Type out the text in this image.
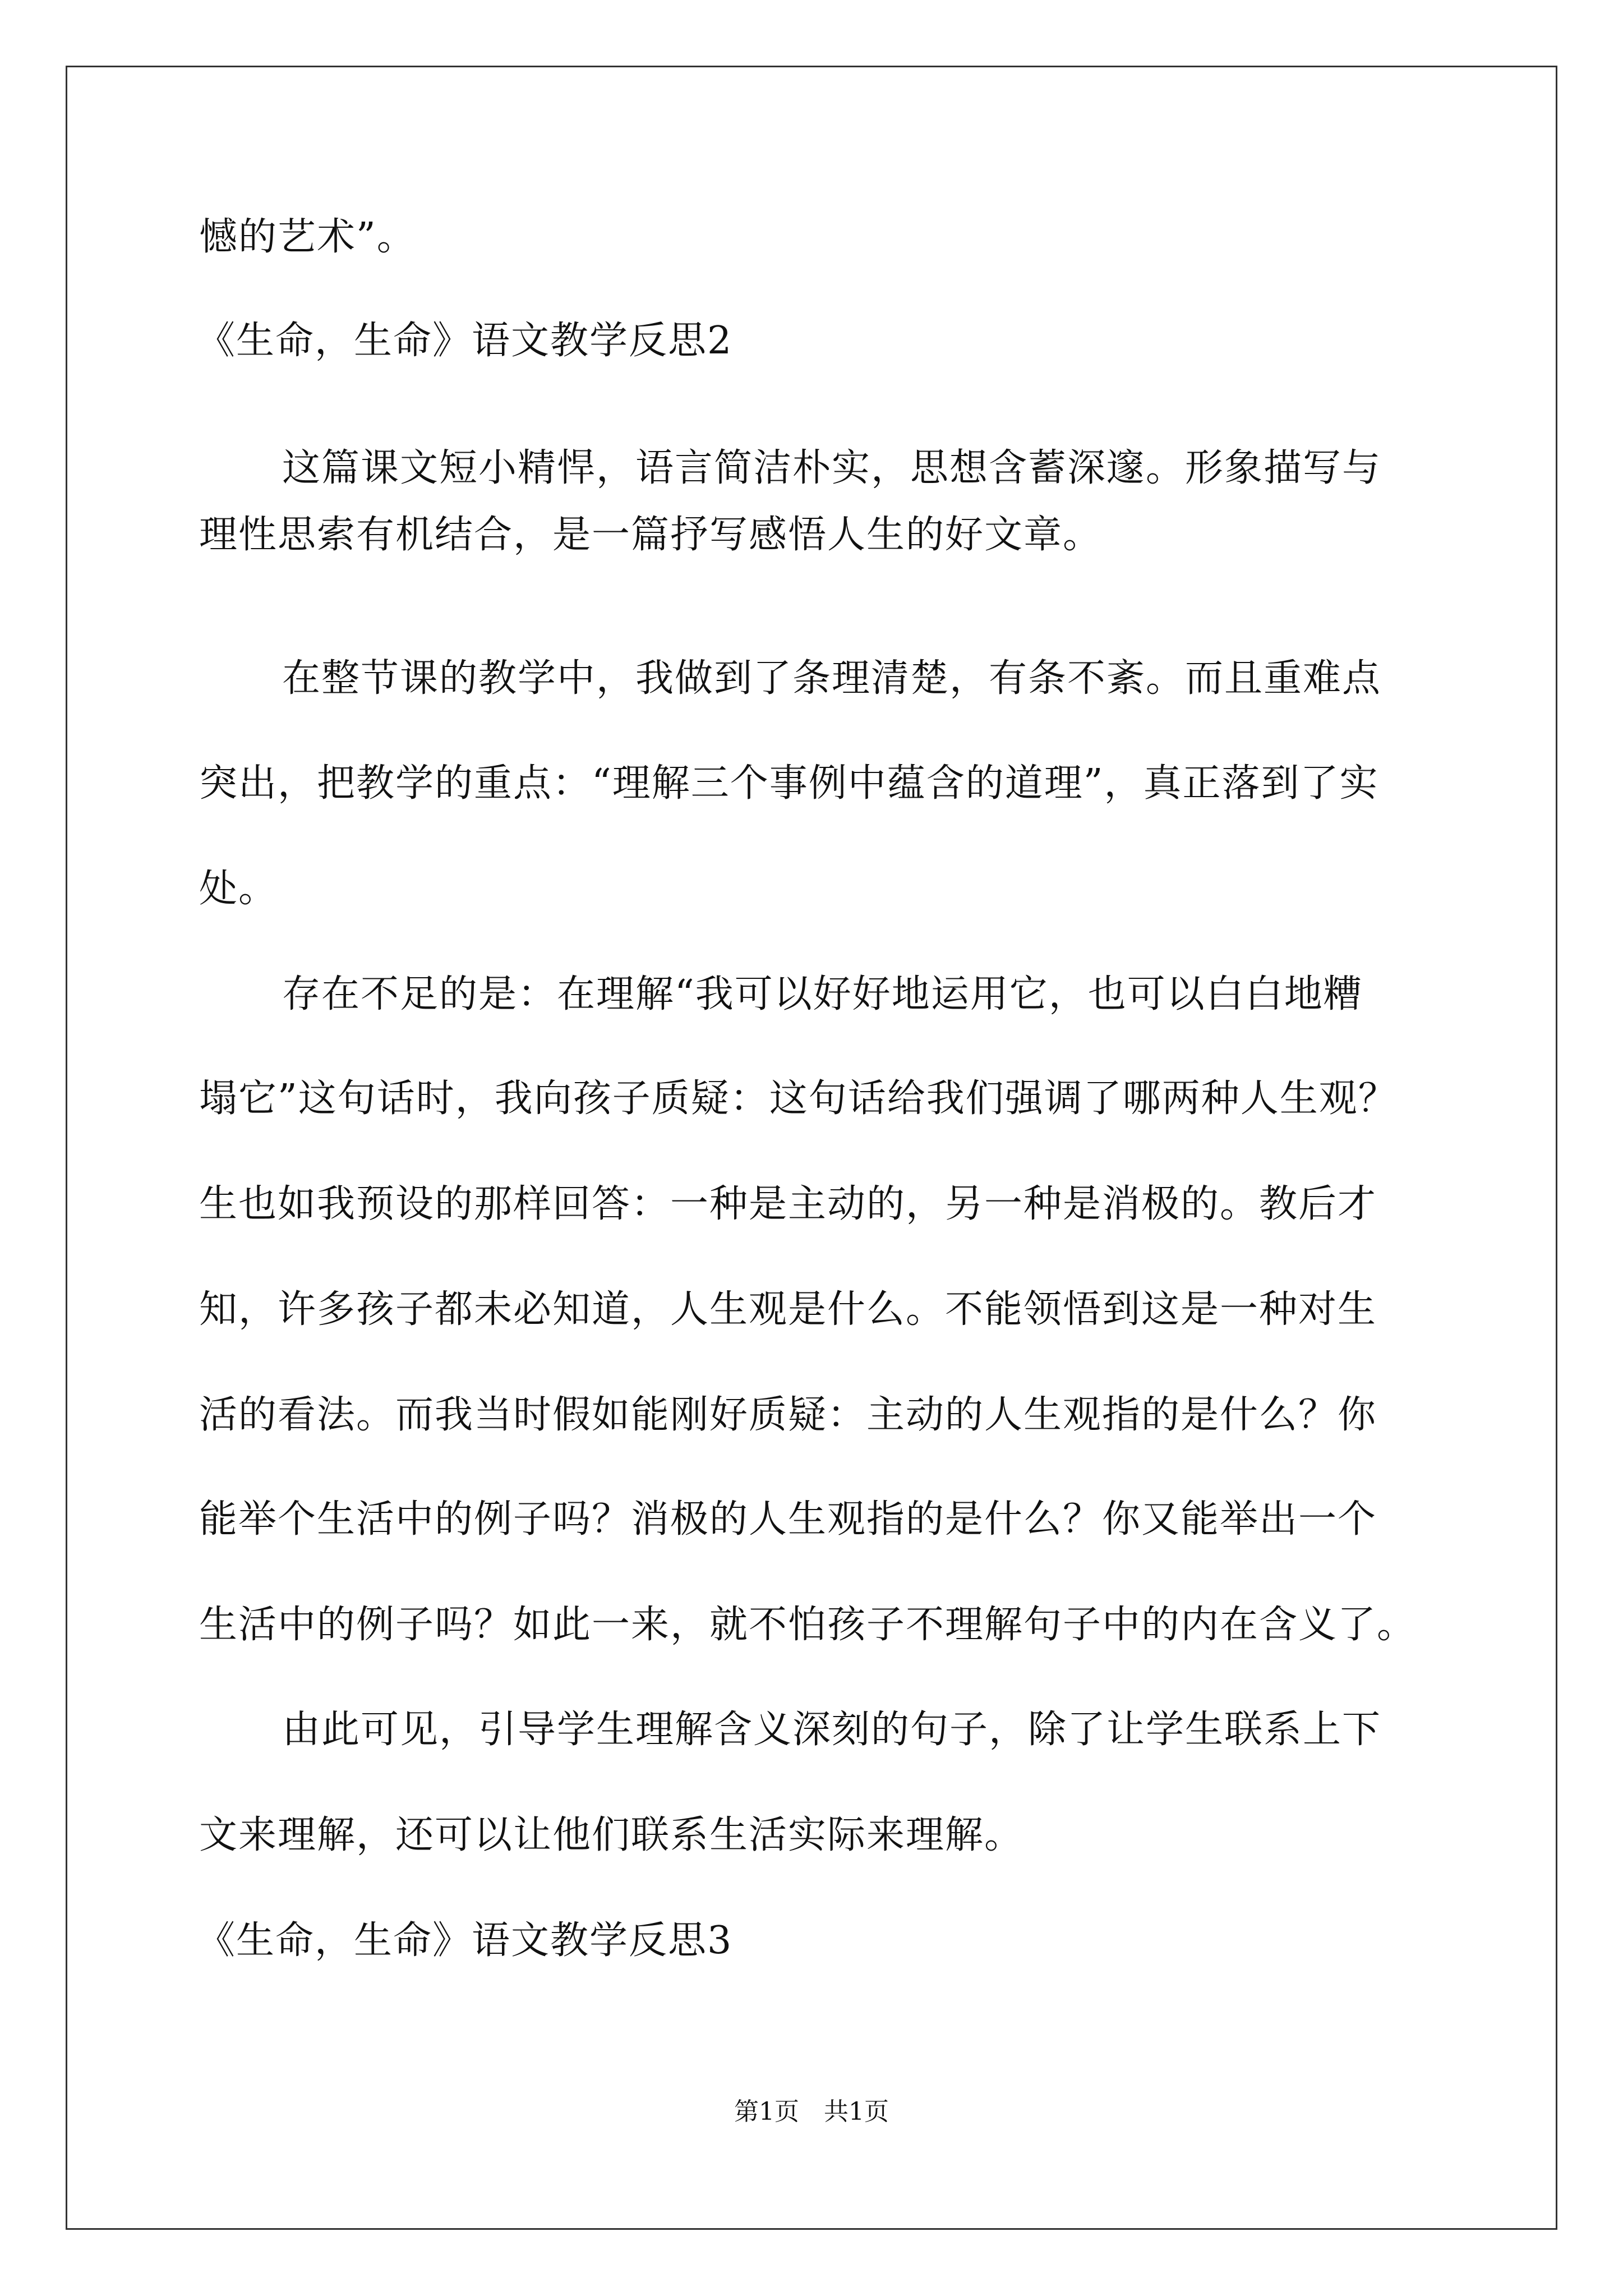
憾的艺术”。
《生命，生命》语文教学反思2
这篇课文短小精悍，语言简洁朴实，思想含蓄深邃。形象描写与
理性思索有机结合，是一篇抒写感悟人生的好文章。
在整节课的教学中，我做到了条理清楚，有条不紊。而且重难点
突出，把教学的重点：“理解三个事例中蕴含的道理”，真正落到了实
处。
存在不足的是：在理解“我可以好好地运用它，也可以白白地糟
塌它”这句话时，我向孩子质疑：这句话给我们强调了哪两种人生观？
生也如我预设的那样回答：一种是主动的，另一种是消极的。教后才
知，许多孩子都未必知道，人生观是什么。不能领悟到这是一种对生
活的看法。而我当时假如能刚好质疑：主动的人生观指的是什么？你
能举个生活中的例子吗？消极的人生观指的是什么？你又能举出一个
生活中的例子吗？如此一来，就不怕孩子不理解句子中的内在含义了。
由此可见，引导学生理解含义深刻的句子，除了让学生联系上下
文来理解，还可以让他们联系生活实际来理解。
《生命，生命》语文教学反思3
第1页　共1页
